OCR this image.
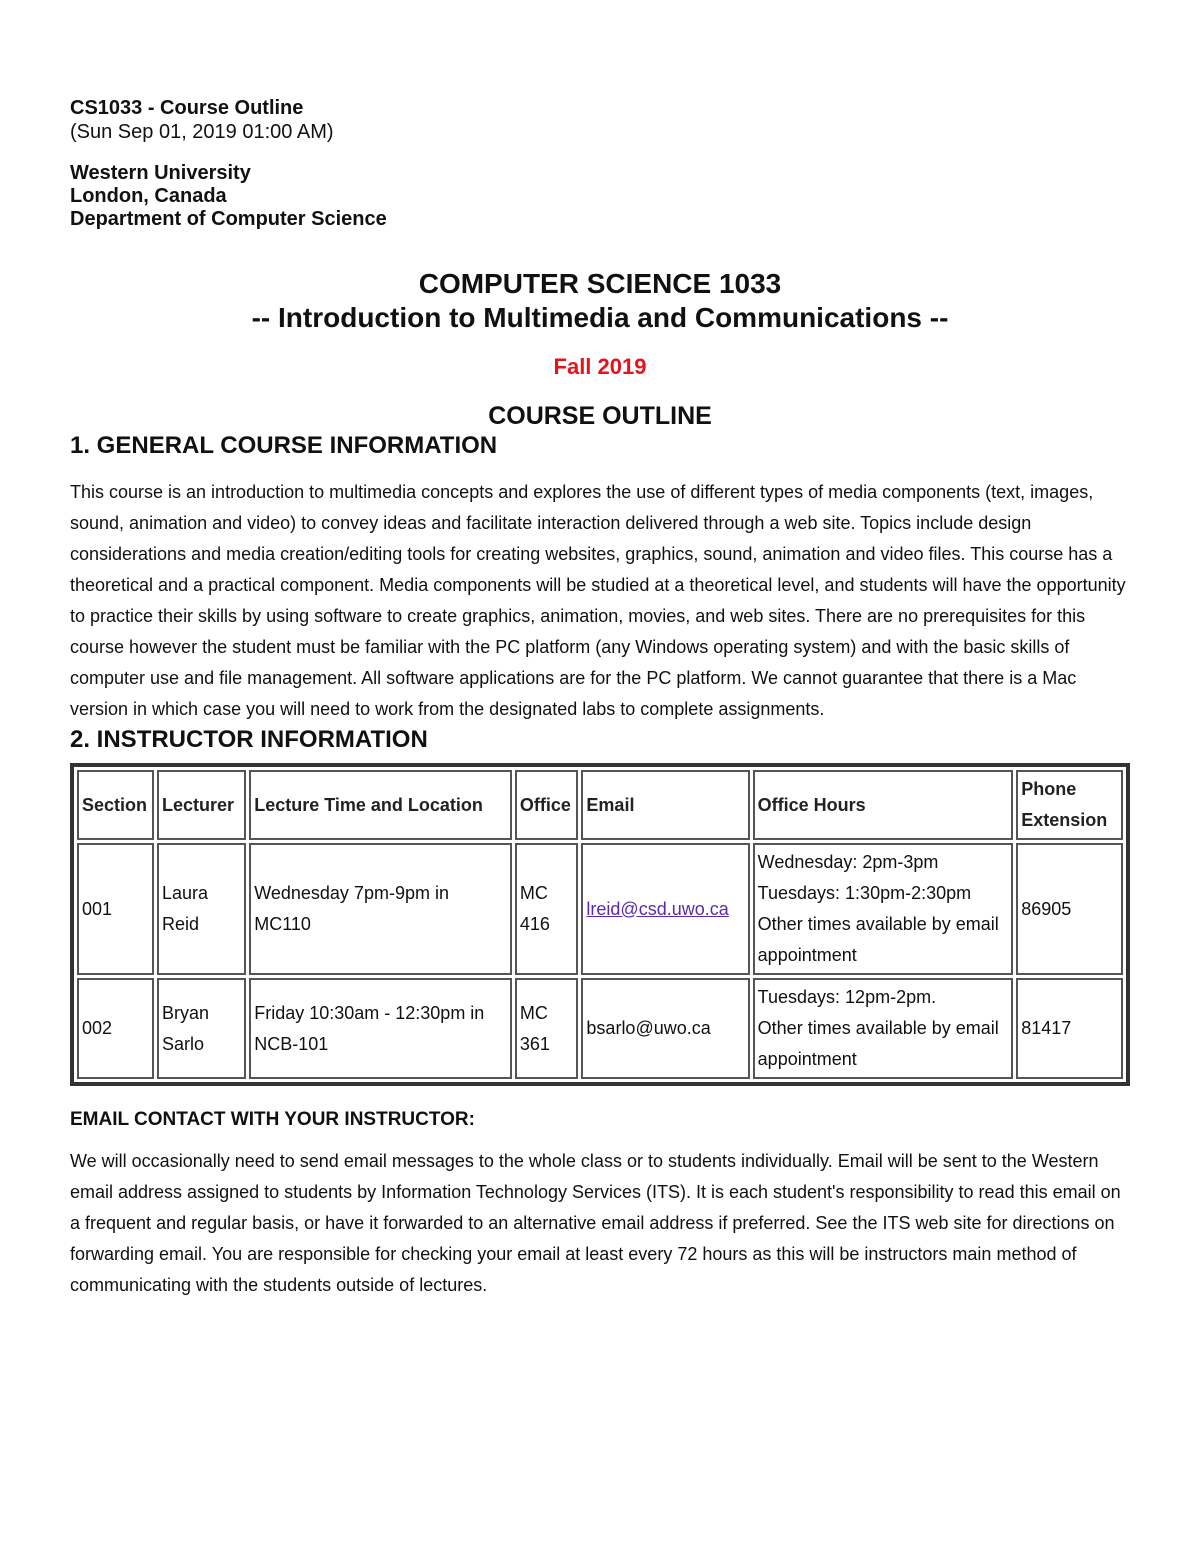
CS1033 - Course Outline
(Sun Sep 01, 2019 01:00 AM)
Western University
London, Canada
Department of Computer Science
COMPUTER SCIENCE 1033
-- Introduction to Multimedia and Communications --
Fall 2019
COURSE OUTLINE
1. GENERAL COURSE INFORMATION

This course is an introduction to multimedia concepts and explores the use of different types of media components (text, images, sound, animation and video) to convey ideas and facilitate interaction delivered through a web site. Topics include design considerations and media creation/editing tools for creating websites, graphics, sound, animation and video files. This course has a theoretical and a practical component. Media components will be studied at a theoretical level, and students will have the opportunity to practice their skills by using software to create graphics, animation, movies, and web sites. There are no prerequisites for this course however the student must be familiar with the PC platform (any Windows operating system) and with the basic skills of computer use and file management. All software applications are for the PC platform. We cannot guarantee that there is a Mac version in which case you will need to work from the designated labs to complete assignments.

2. INSTRUCTOR INFORMATION
Section	Lecturer	Lecture Time and Location	Office	Email	Office Hours	Phone Extension
001	Laura Reid	Wednesday 7pm-9pm in MC110	MC 416	lreid@csd.uwo.ca	Wednesday: 2pm-3pm
Tuesdays: 1:30pm-2:30pm
Other times available by email appointment	86905
002	Bryan Sarlo	Friday 10:30am - 12:30pm in NCB-101	MC 361	bsarlo@uwo.ca	Tuesdays: 12pm-2pm.
Other times available by email appointment	81417
EMAIL CONTACT WITH YOUR INSTRUCTOR:

We will occasionally need to send email messages to the whole class or to students individually. Email will be sent to the Western email address assigned to students by Information Technology Services (ITS). It is each student's responsibility to read this email on a frequent and regular basis, or have it forwarded to an alternative email address if preferred. See the ITS web site for directions on forwarding email. You are responsible for checking your email at least every 72 hours as this will be instructors main method of communicating with the students outside of lectures.
